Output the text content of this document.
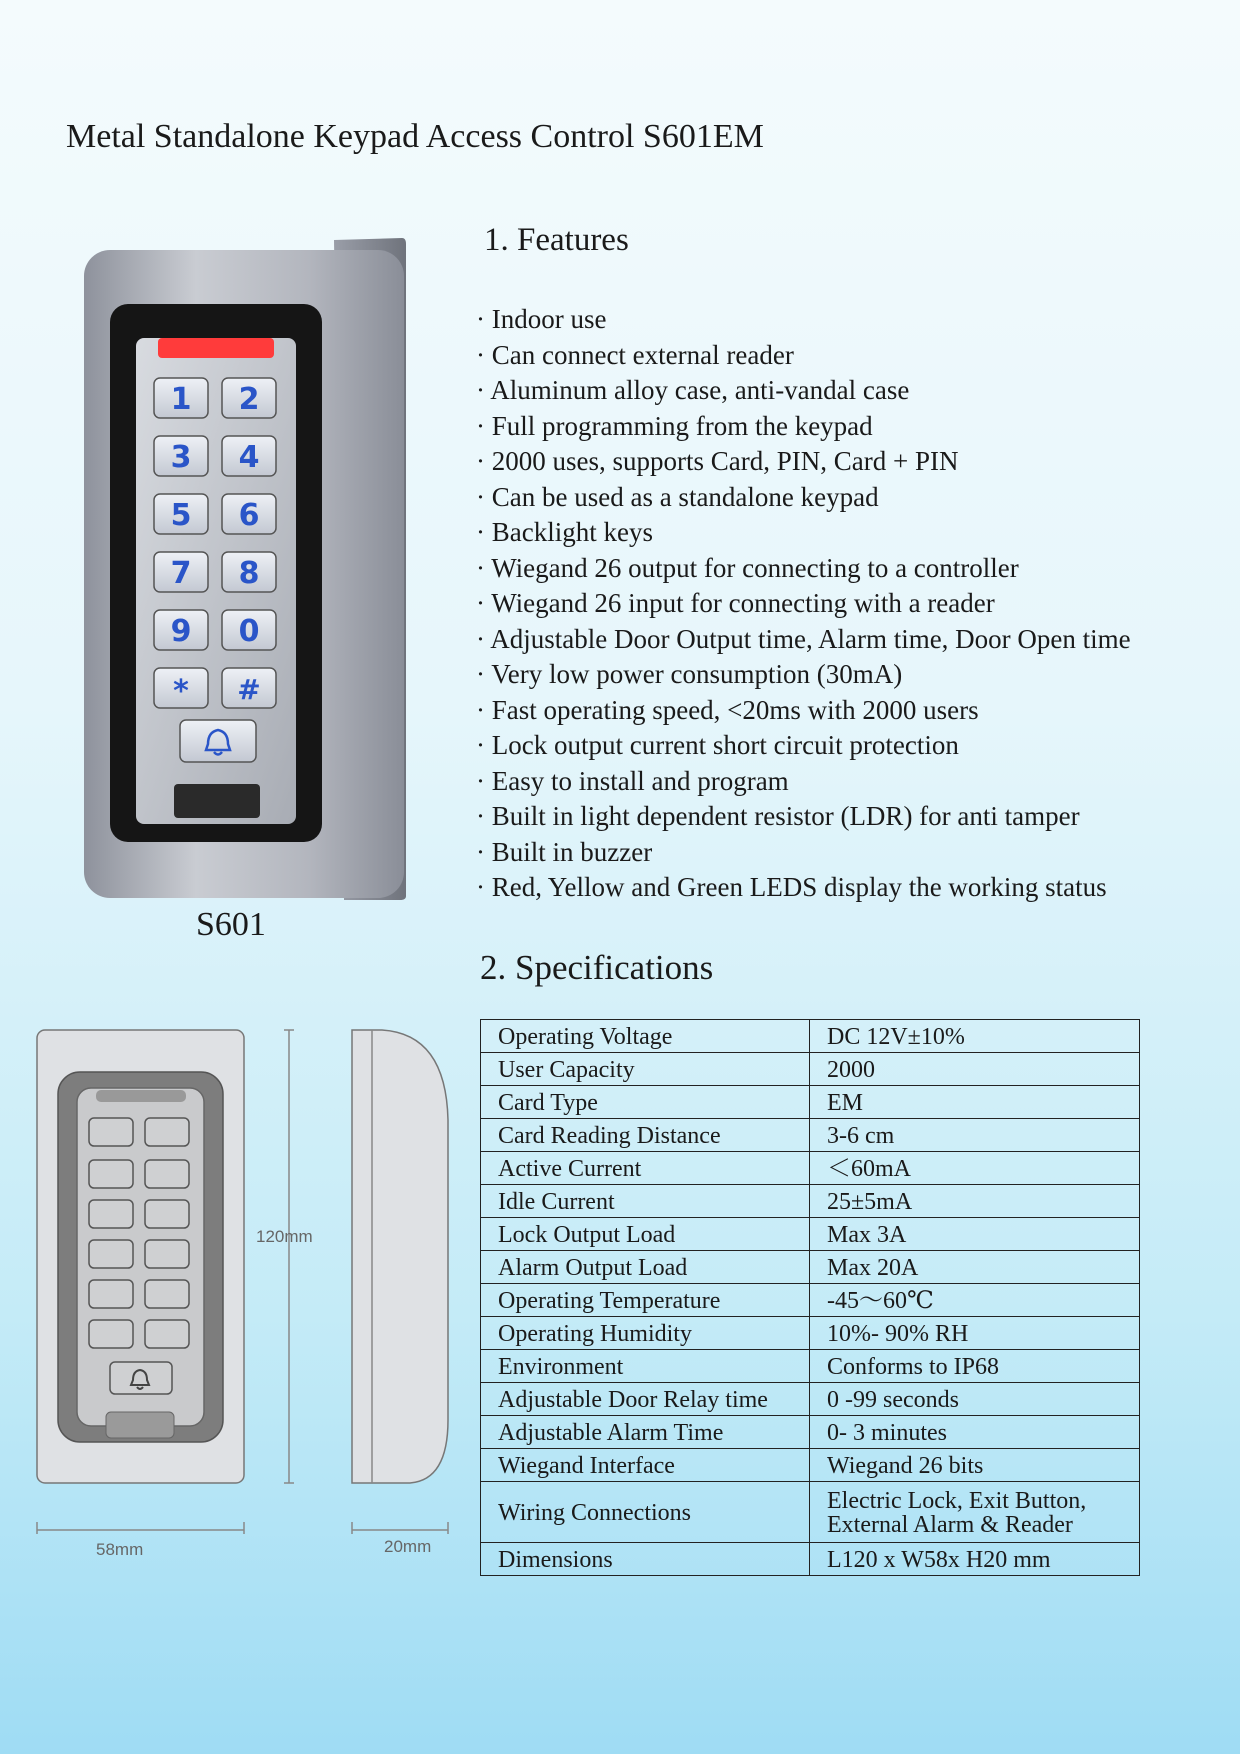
Metal Standalone Keypad Access Control S601EM
1 2
3 4
5 6
7 8
9 0
* #
S601
1. Features
· Indoor use
· Can connect external reader
· Aluminum alloy case, anti-vandal case
· Full programming from the keypad
· 2000 uses, supports Card, PIN, Card + PIN
· Can be used as a standalone keypad
· Backlight keys
· Wiegand 26 output for connecting to a controller
· Wiegand 26 input for connecting with a reader
· Adjustable Door Output time, Alarm time, Door Open time
· Very low power consumption (30mA)
· Fast operating speed, <20ms with 2000 users
· Lock output current short circuit protection
· Easy to install and program
· Built in light dependent resistor (LDR) for anti tamper
· Built in buzzer
· Red, Yellow and Green LEDS display the working status
2. Specifications
Operating Voltage	DC 12V±10%
User Capacity	2000
Card Type	EM
Card Reading Distance	3-6 cm
Active Current	＜60mA
Idle Current	25±5mA
Lock Output Load	Max 3A
Alarm Output Load	Max 20A
Operating Temperature	-45～60℃
Operating Humidity	10%- 90% RH
Environment	Conforms to IP68
Adjustable Door Relay time	0 -99 seconds
Adjustable Alarm Time	0- 3 minutes
Wiegand Interface	Wiegand 26 bits
Wiring Connections	Electric Lock, Exit Button,
External Alarm & Reader

Dimensions	L120 x W58x H20 mm
120mm
58mm	20mm
